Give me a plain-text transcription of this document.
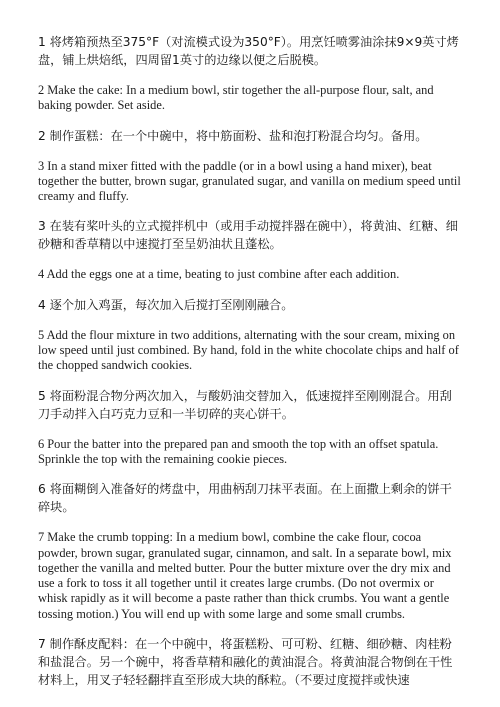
1 将烤箱预热至375°F（对流模式设为350°F）。用烹饪喷雾油涂抹9×9英寸烤盘，铺上烘焙纸，四周留1英寸的边缘以便之后脱模。

2 Make the cake: In a medium bowl, stir together the all-purpose flour, salt, and baking powder. Set aside.

2 制作蛋糕：在一个中碗中，将中筋面粉、盐和泡打粉混合均匀。备用。

3 In a stand mixer fitted with the paddle (or in a bowl using a hand mixer), beat together the butter, brown sugar, granulated sugar, and vanilla on medium speed until creamy and fluffy.

3 在装有桨叶头的立式搅拌机中（或用手动搅拌器在碗中），将黄油、红糖、细砂糖和香草精以中速搅打至呈奶油状且蓬松。

4 Add the eggs one at a time, beating to just combine after each addition.

4 逐个加入鸡蛋，每次加入后搅打至刚刚融合。

5 Add the flour mixture in two additions, alternating with the sour cream, mixing on low speed until just combined. By hand, fold in the white chocolate chips and half of the chopped sandwich cookies.

5 将面粉混合物分两次加入，与酸奶油交替加入，低速搅拌至刚刚混合。用刮刀手动拌入白巧克力豆和一半切碎的夹心饼干。

6 Pour the batter into the prepared pan and smooth the top with an offset spatula. Sprinkle the top with the remaining cookie pieces.

6 将面糊倒入准备好的烤盘中，用曲柄刮刀抹平表面。在上面撒上剩余的饼干碎块。

7 Make the crumb topping: In a medium bowl, combine the cake flour, cocoa powder, brown sugar, granulated sugar, cinnamon, and salt. In a separate bowl, mix together the vanilla and melted butter. Pour the butter mixture over the dry mix and use a fork to toss it all together until it creates large crumbs. (Do not overmix or whisk rapidly as it will become a paste rather than thick crumbs. You want a gentle tossing motion.) You will end up with some large and some small crumbs.

7 制作酥皮配料：在一个中碗中，将蛋糕粉、可可粉、红糖、细砂糖、肉桂粉和盐混合。另一个碗中，将香草精和融化的黄油混合。将黄油混合物倒在干性材料上，用叉子轻轻翻拌直至形成大块的酥粒。（不要过度搅拌或快速
